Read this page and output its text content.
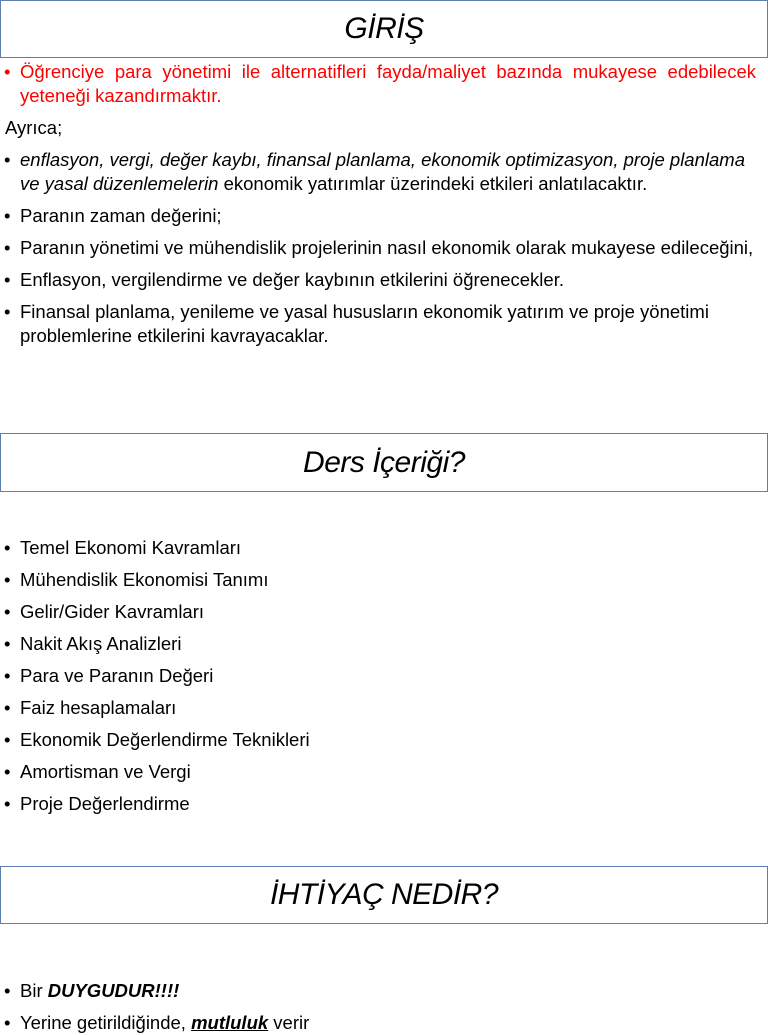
GİRİŞ
• Öğrenciye para yönetimi ile alternatifleri fayda/maliyet bazında mukayese edebilecek yeteneği kazandırmaktır.
Ayrıca;
• enflasyon, vergi, değer kaybı, finansal planlama, ekonomik optimizasyon, proje planlama ve yasal düzenlemelerin ekonomik yatırımlar üzerindeki etkileri anlatılacaktır.
• Paranın zaman değerini;
• Paranın yönetimi ve mühendislik projelerinin nasıl ekonomik olarak mukayese edileceğini,
• Enflasyon, vergilendirme ve değer kaybının etkilerini öğrenecekler.
• Finansal planlama, yenileme ve yasal hususların ekonomik yatırım ve proje yönetimi problemlerine etkilerini kavrayacaklar.
Ders İçeriği?
• Temel Ekonomi Kavramları
• Mühendislik Ekonomisi Tanımı
• Gelir/Gider Kavramları
• Nakit Akış Analizleri
• Para ve Paranın Değeri
• Faiz hesaplamaları
• Ekonomik Değerlendirme Teknikleri
• Amortisman ve Vergi
• Proje Değerlendirme
İHTİYAÇ NEDİR?
• Bir DUYGUDUR!!!!
• Yerine getirildiğinde, mutluluk verir
